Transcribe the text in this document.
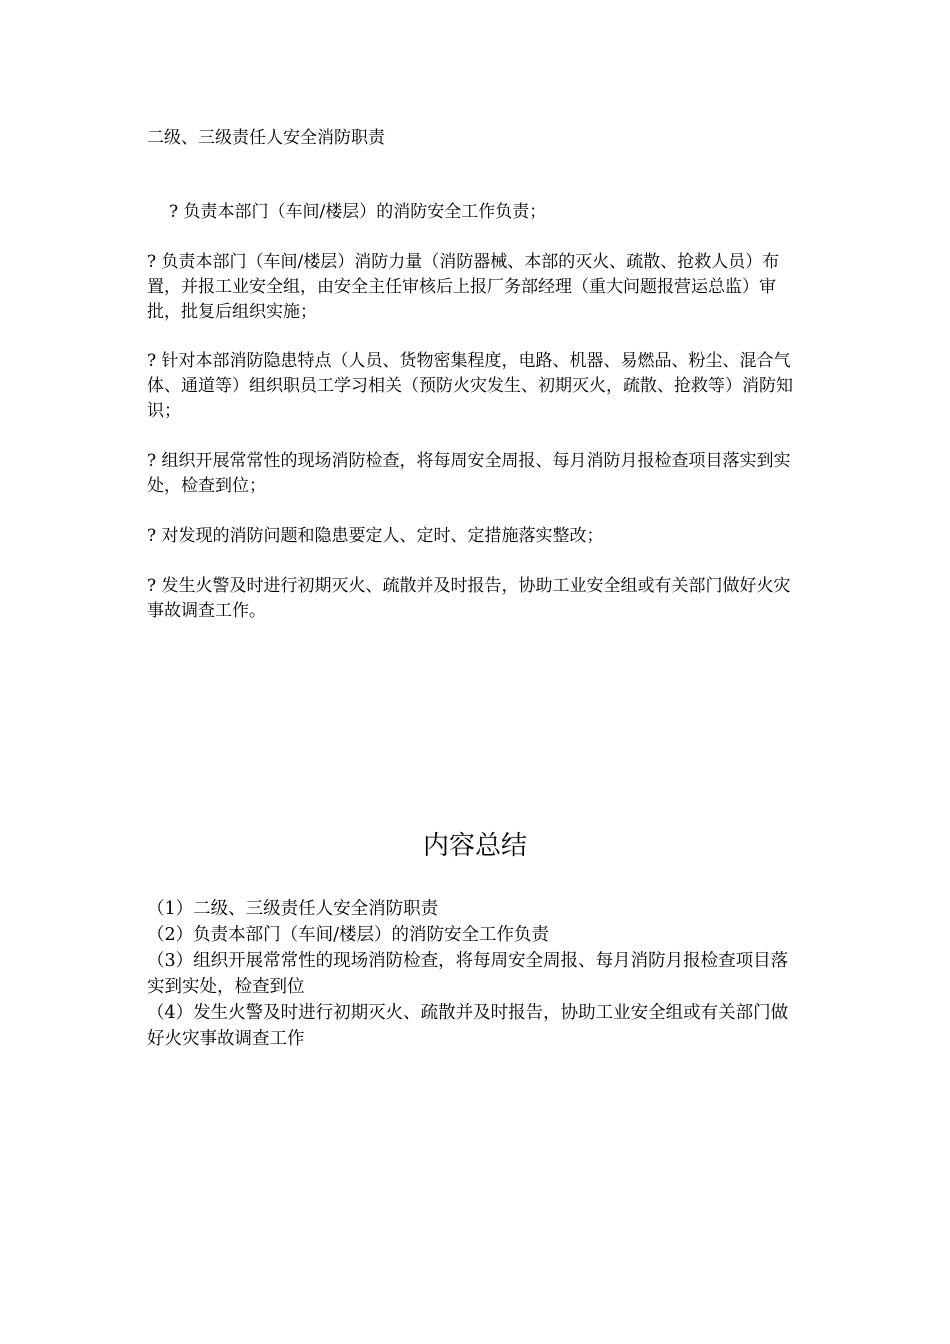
二级、三级责任人安全消防职责

? 负责本部门（车间/楼层）的消防安全工作负责；

? 负责本部门（车间/楼层）消防力量（消防器械、本部的灭火、疏散、抢救人员）布置，并报工业安全组，由安全主任审核后上报厂务部经理（重大问题报营运总监）审批，批复后组织实施；

? 针对本部消防隐患特点（人员、货物密集程度，电路、机器、易燃品、粉尘、混合气体、通道等）组织职员工学习相关（预防火灾发生、初期灭火，疏散、抢救等）消防知识；

? 组织开展常常性的现场消防检查，将每周安全周报、每月消防月报检查项目落实到实处，检查到位；

? 对发现的消防问题和隐患要定人、定时、定措施落实整改；

? 发生火警及时进行初期灭火、疏散并及时报告，协助工业安全组或有关部门做好火灾事故调查工作。

内容总结

（1）二级、三级责任人安全消防职责

（2）负责本部门（车间/楼层）的消防安全工作负责

（3）组织开展常常性的现场消防检查，将每周安全周报、每月消防月报检查项目落实到实处，检查到位

（4）发生火警及时进行初期灭火、疏散并及时报告，协助工业安全组或有关部门做好火灾事故调查工作
